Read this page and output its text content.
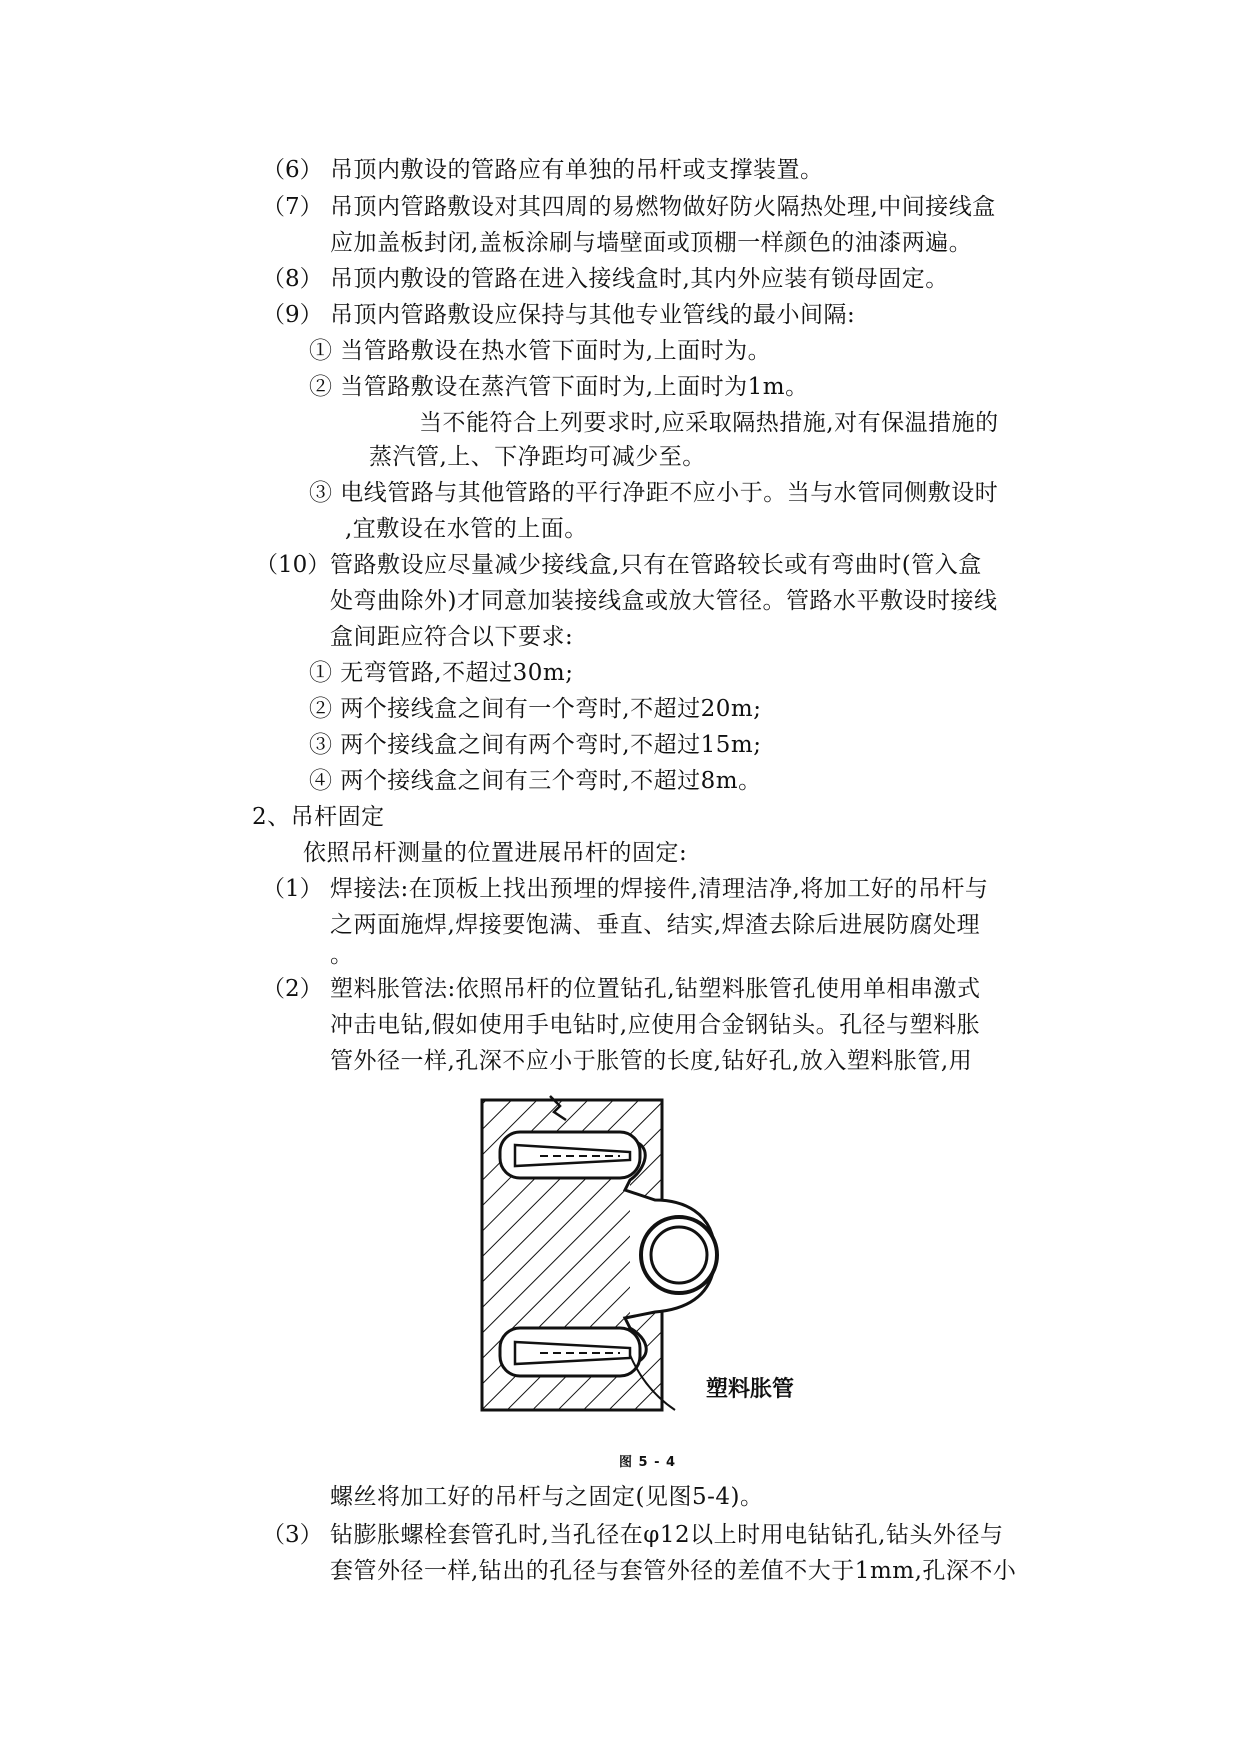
（6） 吊顶内敷设的管路应有单独的吊杆或支撑装置。
（7） 吊顶内管路敷设对其四周的易燃物做好防火隔热处理,中间接线盒
应加盖板封闭,盖板涂刷与墙壁面或顶棚一样颜色的油漆两遍。
（8） 吊顶内敷设的管路在进入接线盒时,其内外应装有锁母固定。
（9） 吊顶内管路敷设应保持与其他专业管线的最小间隔:
① 当管路敷设在热水管下面时为,上面时为。
② 当管路敷设在蒸汽管下面时为,上面时为1m。
当不能符合上列要求时,应采取隔热措施,对有保温措施的
蒸汽管,上、下净距均可减少至。
③ 电线管路与其他管路的平行净距不应小于。当与水管同侧敷设时
,宜敷设在水管的上面。
（10） 管路敷设应尽量减少接线盒,只有在管路较长或有弯曲时(管入盒
处弯曲除外)才同意加装接线盒或放大管径。管路水平敷设时接线
盒间距应符合以下要求:
① 无弯管路,不超过30m;
② 两个接线盒之间有一个弯时,不超过20m;
③ 两个接线盒之间有两个弯时,不超过15m;
④ 两个接线盒之间有三个弯时,不超过8m。
2、吊杆固定
依照吊杆测量的位置进展吊杆的固定:
（1） 焊接法:在顶板上找出预埋的焊接件,清理洁净,将加工好的吊杆与
之两面施焊,焊接要饱满、垂直、结实,焊渣去除后进展防腐处理
。
（2） 塑料胀管法:依照吊杆的位置钻孔,钻塑料胀管孔使用单相串激式
冲击电钻,假如使用手电钻时,应使用合金钢钻头。孔径与塑料胀
管外径一样,孔深不应小于胀管的长度,钻好孔,放入塑料胀管,用
塑料胀管
图 5 - 4
螺丝将加工好的吊杆与之固定(见图5-4)。
（3） 钻膨胀螺栓套管孔时,当孔径在φ12以上时用电钻钻孔,钻头外径与
套管外径一样,钻出的孔径与套管外径的差值不大于1mm,孔深不小
